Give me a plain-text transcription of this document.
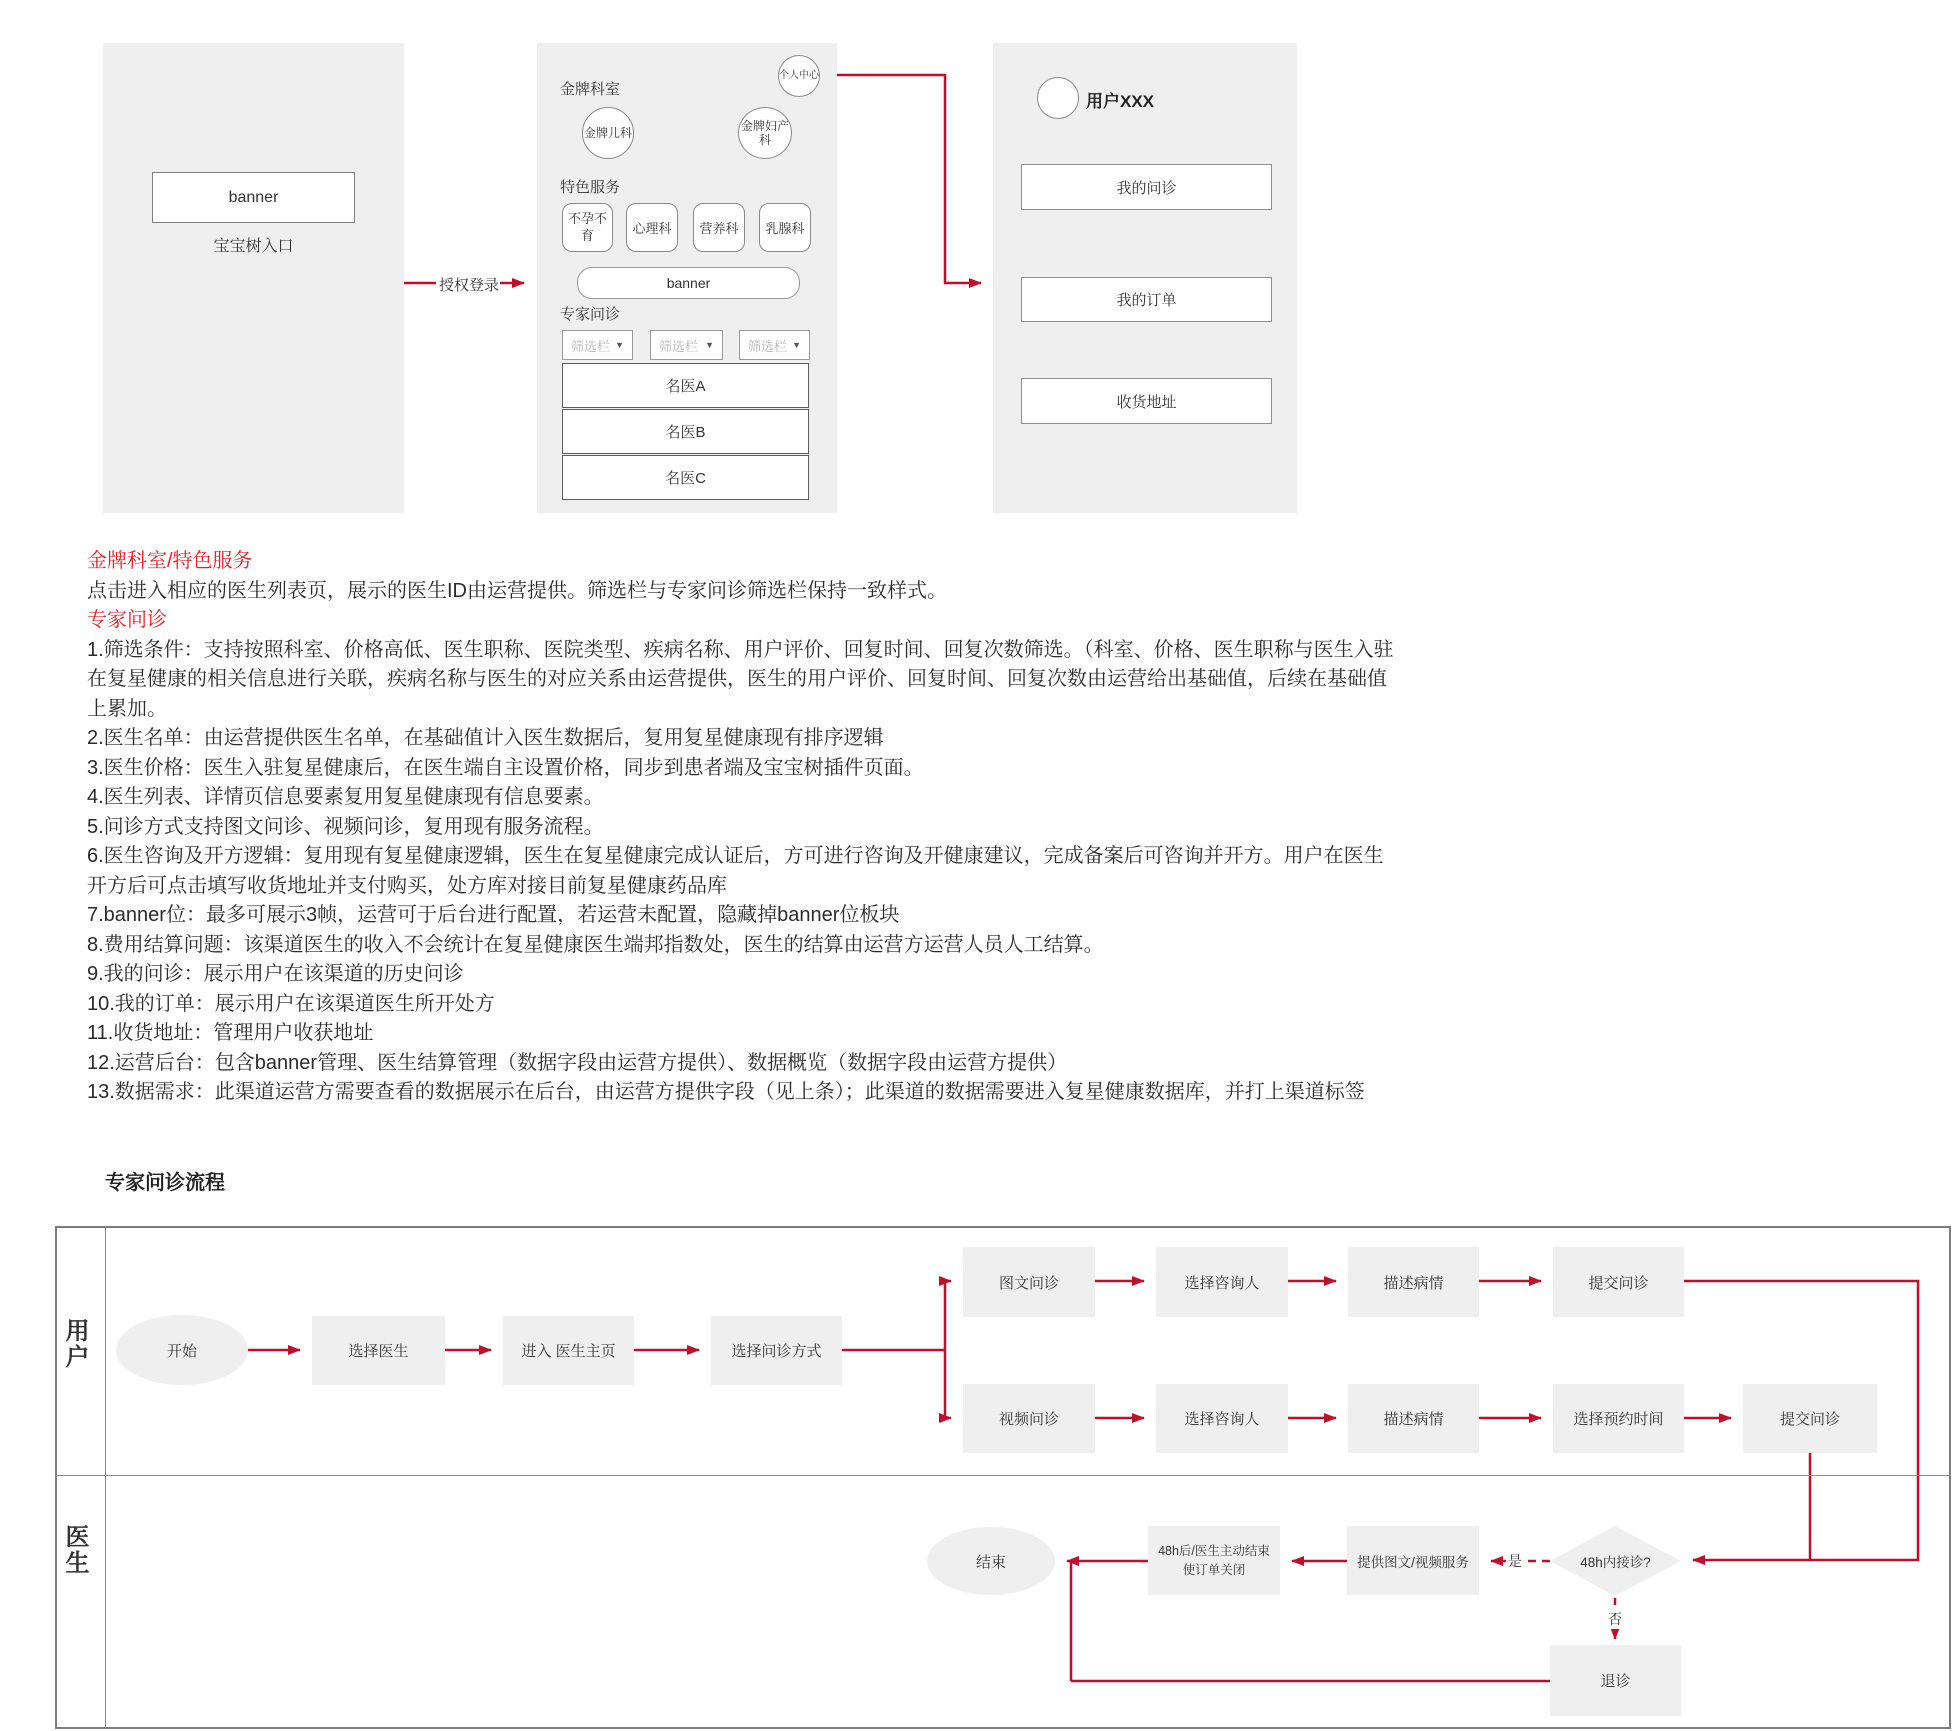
banner
宝宝树入口
授权登录
金牌科室
个人中心
金牌儿科
金牌妇产科
特色服务
不孕不育	心理科	营养科	乳腺科
banner
专家问诊
筛选栏 ▼	筛选栏 ▼	筛选栏 ▼
名医A
名医B
名医C
用户XXX
我的问诊
我的订单
收货地址
金牌科室/特色服务
点击进入相应的医生列表页，展示的医生ID由运营提供。筛选栏与专家问诊筛选栏保持一致样式。
专家问诊
1.筛选条件：支持按照科室、价格高低、医生职称、医院类型、疾病名称、用户评价、回复时间、回复次数筛选。（科室、价格、医生职称与医生入驻在复星健康的相关信息进行关联，疾病名称与医生的对应关系由运营提供，医生的用户评价、回复时间、回复次数由运营给出基础值，后续在基础值上累加。
2.医生名单：由运营提供医生名单，在基础值计入医生数据后，复用复星健康现有排序逻辑
3.医生价格：医生入驻复星健康后，在医生端自主设置价格，同步到患者端及宝宝树插件页面。
4.医生列表、详情页信息要素复用复星健康现有信息要素。
5.问诊方式支持图文问诊、视频问诊，复用现有服务流程。
6.医生咨询及开方逻辑：复用现有复星健康逻辑，医生在复星健康完成认证后，方可进行咨询及开健康建议，完成备案后可咨询并开方。用户在医生开方后可点击填写收货地址并支付购买，处方库对接目前复星健康药品库
7.banner位：最多可展示3帧，运营可于后台进行配置，若运营未配置，隐藏掉banner位板块
8.费用结算问题：该渠道医生的收入不会统计在复星健康医生端邦指数处，医生的结算由运营方运营人员人工结算。
9.我的问诊：展示用户在该渠道的历史问诊
10.我的订单：展示用户在该渠道医生所开处方
11.收货地址：管理用户收获地址
12.运营后台：包含banner管理、医生结算管理（数据字段由运营方提供）、数据概览（数据字段由运营方提供）
13.数据需求：此渠道运营方需要查看的数据展示在后台，由运营方提供字段（见上条）；此渠道的数据需要进入复星健康数据库，并打上渠道标签
专家问诊流程
用户
医生
开始	选择医生	进入 医生主页	选择问诊方式
图文问诊
视频问诊
选择咨询人	描述病情	提交问诊
选择咨询人	描述病情	选择预约时间	提交问诊
结束
48h后/医生主动结束使订单关闭	提供图文/视频服务	48h内接诊?
退诊
是
否
